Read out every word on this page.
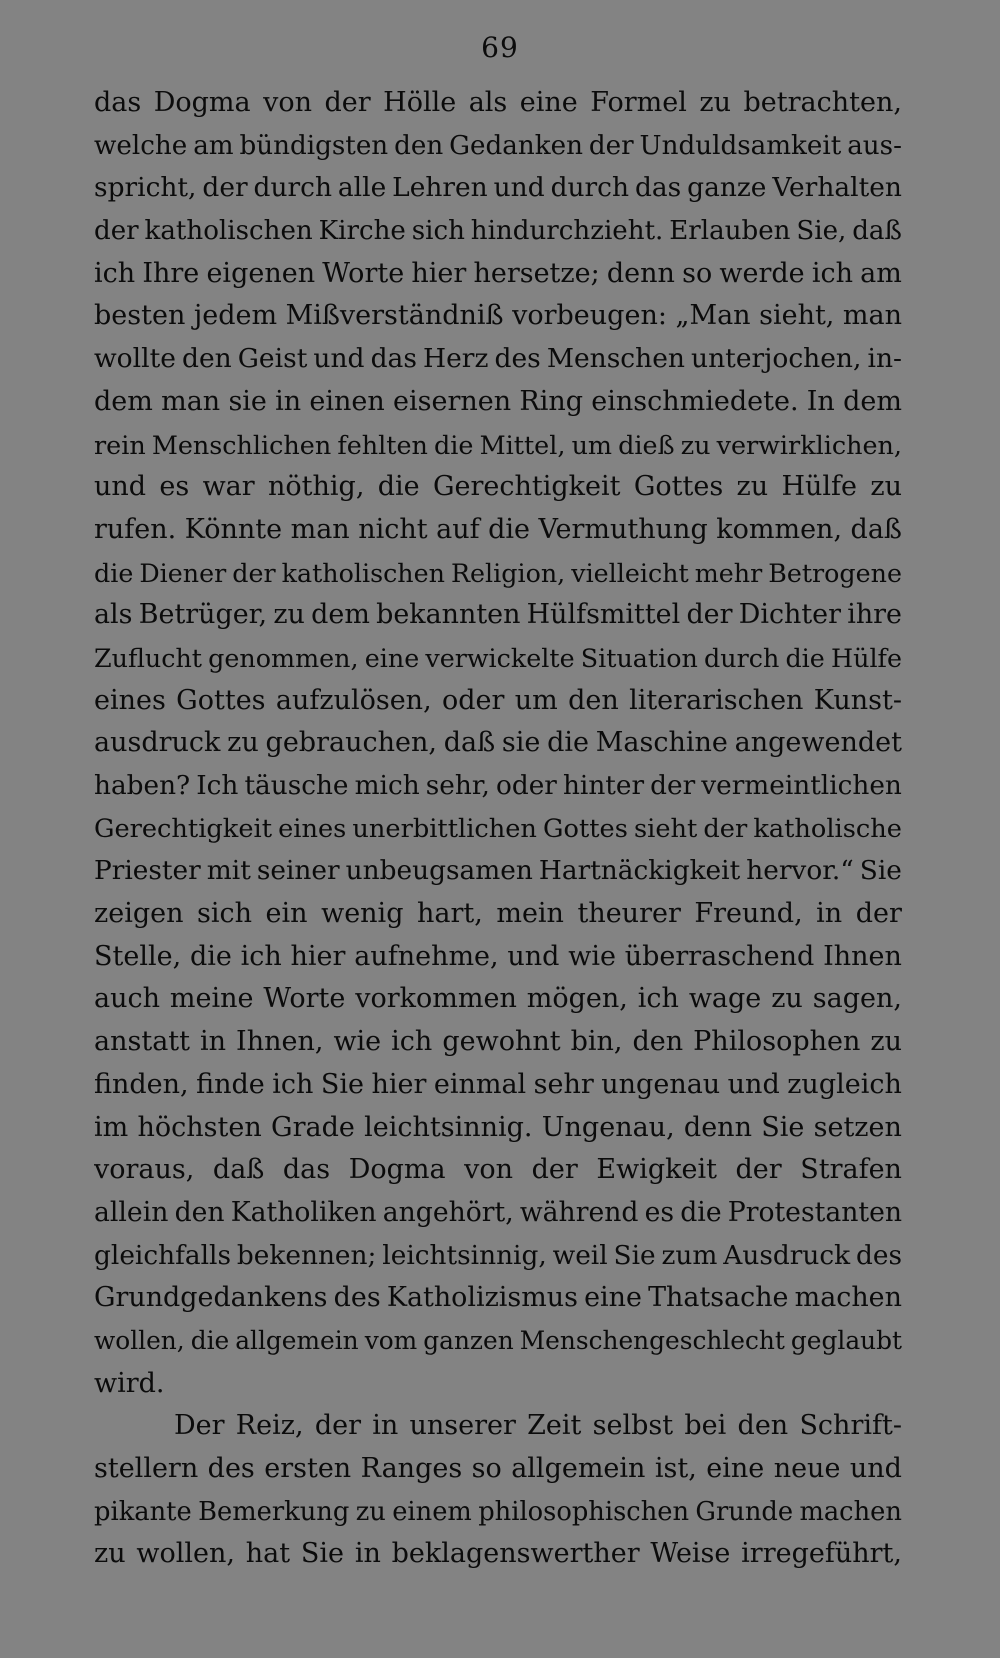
69
das Dogma von der Hölle als eine Formel zu betrachten,
welche am bündigsten den Gedanken der Unduldsamkeit aus-
spricht, der durch alle Lehren und durch das ganze Verhalten
der katholischen Kirche sich hindurchzieht. Erlauben Sie, daß
ich Ihre eigenen Worte hier hersetze; denn so werde ich am
besten jedem Mißverständniß vorbeugen: „Man sieht, man
wollte den Geist und das Herz des Menschen unterjochen, in-
dem man sie in einen eisernen Ring einschmiedete. In dem
rein Menschlichen fehlten die Mittel, um dieß zu verwirklichen,
und es war nöthig, die Gerechtigkeit Gottes zu Hülfe zu
rufen. Könnte man nicht auf die Vermuthung kommen, daß
die Diener der katholischen Religion, vielleicht mehr Betrogene
als Betrüger, zu dem bekannten Hülfsmittel der Dichter ihre
Zuflucht genommen, eine verwickelte Situation durch die Hülfe
eines Gottes aufzulösen, oder um den literarischen Kunst-
ausdruck zu gebrauchen, daß sie die Maschine angewendet
haben? Ich täusche mich sehr, oder hinter der vermeintlichen
Gerechtigkeit eines unerbittlichen Gottes sieht der katholische
Priester mit seiner unbeugsamen Hartnäckigkeit hervor.“ Sie
zeigen sich ein wenig hart, mein theurer Freund, in der
Stelle, die ich hier aufnehme, und wie überraschend Ihnen
auch meine Worte vorkommen mögen, ich wage zu sagen,
anstatt in Ihnen, wie ich gewohnt bin, den Philosophen zu
finden, finde ich Sie hier einmal sehr ungenau und zugleich
im höchsten Grade leichtsinnig. Ungenau, denn Sie setzen
voraus, daß das Dogma von der Ewigkeit der Strafen
allein den Katholiken angehört, während es die Protestanten
gleichfalls bekennen; leichtsinnig, weil Sie zum Ausdruck des
Grundgedankens des Katholizismus eine Thatsache machen
wollen, die allgemein vom ganzen Menschengeschlecht geglaubt
wird.
Der Reiz, der in unserer Zeit selbst bei den Schrift-
stellern des ersten Ranges so allgemein ist, eine neue und
pikante Bemerkung zu einem philosophischen Grunde machen
zu wollen, hat Sie in beklagenswerther Weise irregeführt,
